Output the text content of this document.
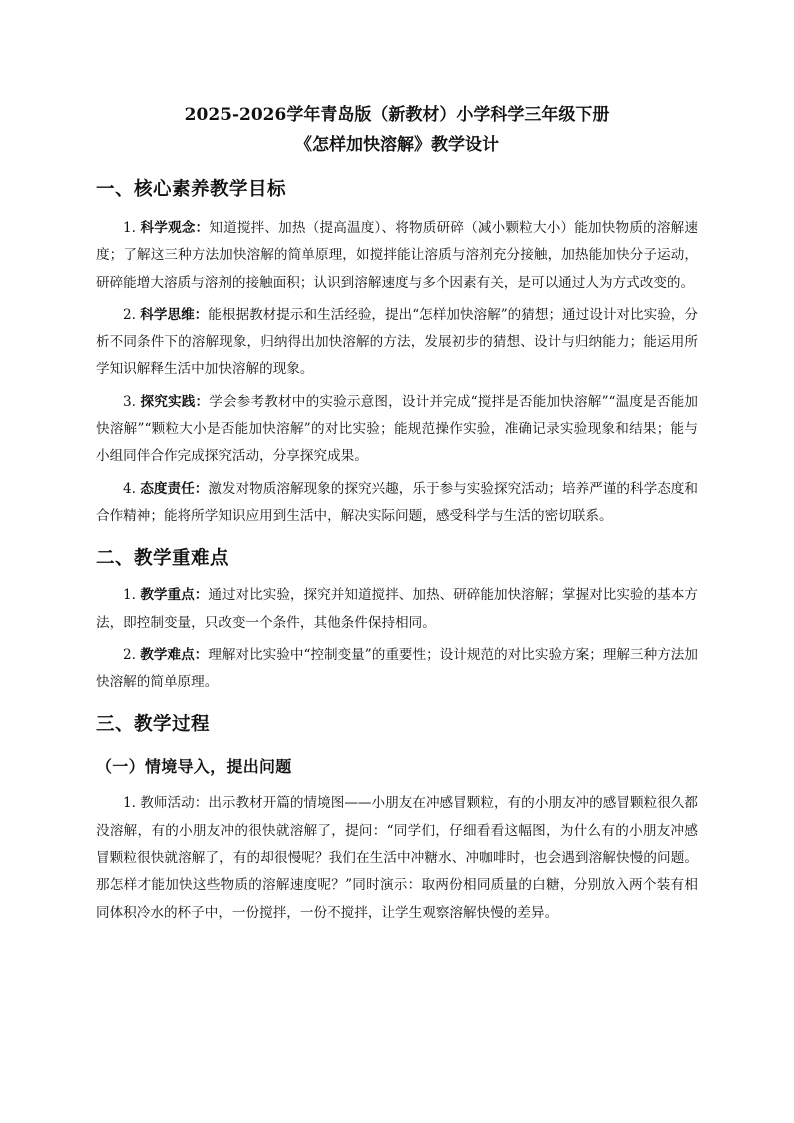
2025-2026学年青岛版（新教材）小学科学三年级下册
《怎样加快溶解》教学设计
一、核心素养教学目标

1. 科学观念：知道搅拌、加热（提高温度）、将物质研碎（减小颗粒大小）能加快物质的溶解速度；了解这三种方法加快溶解的简单原理，如搅拌能让溶质与溶剂充分接触，加热能加快分子运动，研碎能增大溶质与溶剂的接触面积；认识到溶解速度与多个因素有关，是可以通过人为方式改变的。

2. 科学思维：能根据教材提示和生活经验，提出“怎样加快溶解”的猜想；通过设计对比实验，分析不同条件下的溶解现象，归纳得出加快溶解的方法，发展初步的猜想、设计与归纳能力；能运用所学知识解释生活中加快溶解的现象。

3. 探究实践：学会参考教材中的实验示意图，设计并完成“搅拌是否能加快溶解”“温度是否能加快溶解”“颗粒大小是否能加快溶解”的对比实验；能规范操作实验，准确记录实验现象和结果；能与小组同伴合作完成探究活动，分享探究成果。

4. 态度责任：激发对物质溶解现象的探究兴趣，乐于参与实验探究活动；培养严谨的科学态度和合作精神；能将所学知识应用到生活中，解决实际问题，感受科学与生活的密切联系。

二、教学重难点

1. 教学重点：通过对比实验，探究并知道搅拌、加热、研碎能加快溶解；掌握对比实验的基本方法，即控制变量，只改变一个条件，其他条件保持相同。

2. 教学难点：理解对比实验中“控制变量”的重要性；设计规范的对比实验方案；理解三种方法加快溶解的简单原理。

三、教学过程
（一）情境导入，提出问题

1. 教师活动：出示教材开篇的情境图——小朋友在冲感冒颗粒，有的小朋友冲的感冒颗粒很久都没溶解，有的小朋友冲的很快就溶解了，提问：“同学们，仔细看看这幅图，为什么有的小朋友冲感冒颗粒很快就溶解了，有的却很慢呢？我们在生活中冲糖水、冲咖啡时，也会遇到溶解快慢的问题。那怎样才能加快这些物质的溶解速度呢？”同时演示：取两份相同质量的白糖，分别放入两个装有相同体积冷水的杯子中，一份搅拌，一份不搅拌，让学生观察溶解快慢的差异。
